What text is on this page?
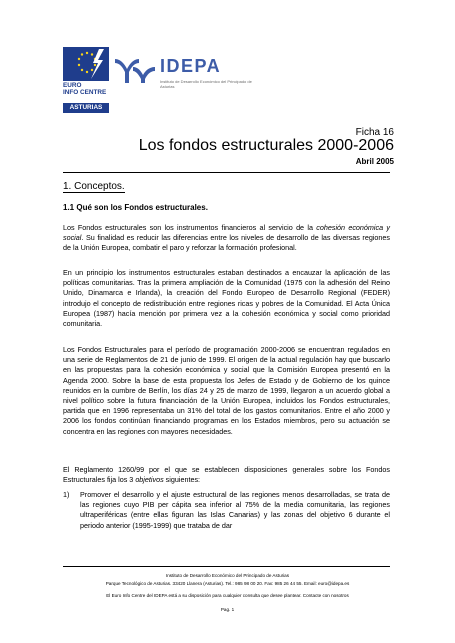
EURO
INFO CENTRE
ASTURIAS
IDEPA
Instituto de Desarrollo Económico del Principado de Asturias
Ficha 16
Los fondos estructurales 2000-2006
Abril 2005
1. Conceptos.
1.1 Qué son los Fondos estructurales.
Los Fondos estructurales son los instrumentos financieros al servicio de la cohesión económica y social. Su finalidad es reducir las diferencias entre los niveles de desarrollo de las diversas regiones de la Unión Europea, combatir el paro y reforzar la formación profesional.
En un principio los instrumentos estructurales estaban destinados a encauzar la aplicación de las políticas comunitarias. Tras la primera ampliación de la Comunidad (1975 con la adhesión del Reino Unido, Dinamarca e Irlanda), la creación del Fondo Europeo de Desarrollo Regional (FEDER) introdujo el concepto de redistribución entre regiones ricas y pobres de la Comunidad. El Acta Única Europea (1987) hacía mención por primera vez a la cohesión económica y social como prioridad comunitaria.
Los Fondos Estructurales para el período de programación 2000-2006 se encuentran regulados en una serie de Reglamentos de 21 de junio de 1999. El origen de la actual regulación hay que buscarlo en las propuestas para la cohesión económica y social que la Comisión Europea presentó en la Agenda 2000. Sobre la base de esta propuesta los Jefes de Estado y de Gobierno de los quince reunidos en la cumbre de Berlín, los días 24 y 25 de marzo de 1999, llegaron a un acuerdo global a nivel político sobre la futura financiación de la Unión Europea, incluidos los Fondos estructurales, partida que en 1996 representaba un 31% del total de los gastos comunitarios. Entre el año 2000 y 2006 los fondos continúan financiando programas en los Estados miembros, pero su actuación se concentra en las regiones con mayores necesidades.
El Reglamento 1260/99 por el que se establecen disposiciones generales sobre los Fondos Estructurales fija los 3 objetivos siguientes:
1) Promover el desarrollo y el ajuste estructural de las regiones menos desarrolladas, se trata de las regiones cuyo PIB per cápita sea inferior al 75% de la media comunitaria, las regiones ultraperiféricas (entre ellas figuran las Islas Canarias) y las zonas del objetivo 6 durante el periodo anterior (1995-1999) que trataba de dar
Instituto de Desarrollo Económico del Principado de Asturias
Parque Tecnológico de Asturias. 33420 Llanera (Asturias). Tel.: 985 98 00 20. Fax: 985 26 44 55. Email: euro@idepa.es
El Euro Info Centre del IDEPA está a su disposición para cualquier consulta que desee plantear. Contacte con nosotros
Pag. 1
